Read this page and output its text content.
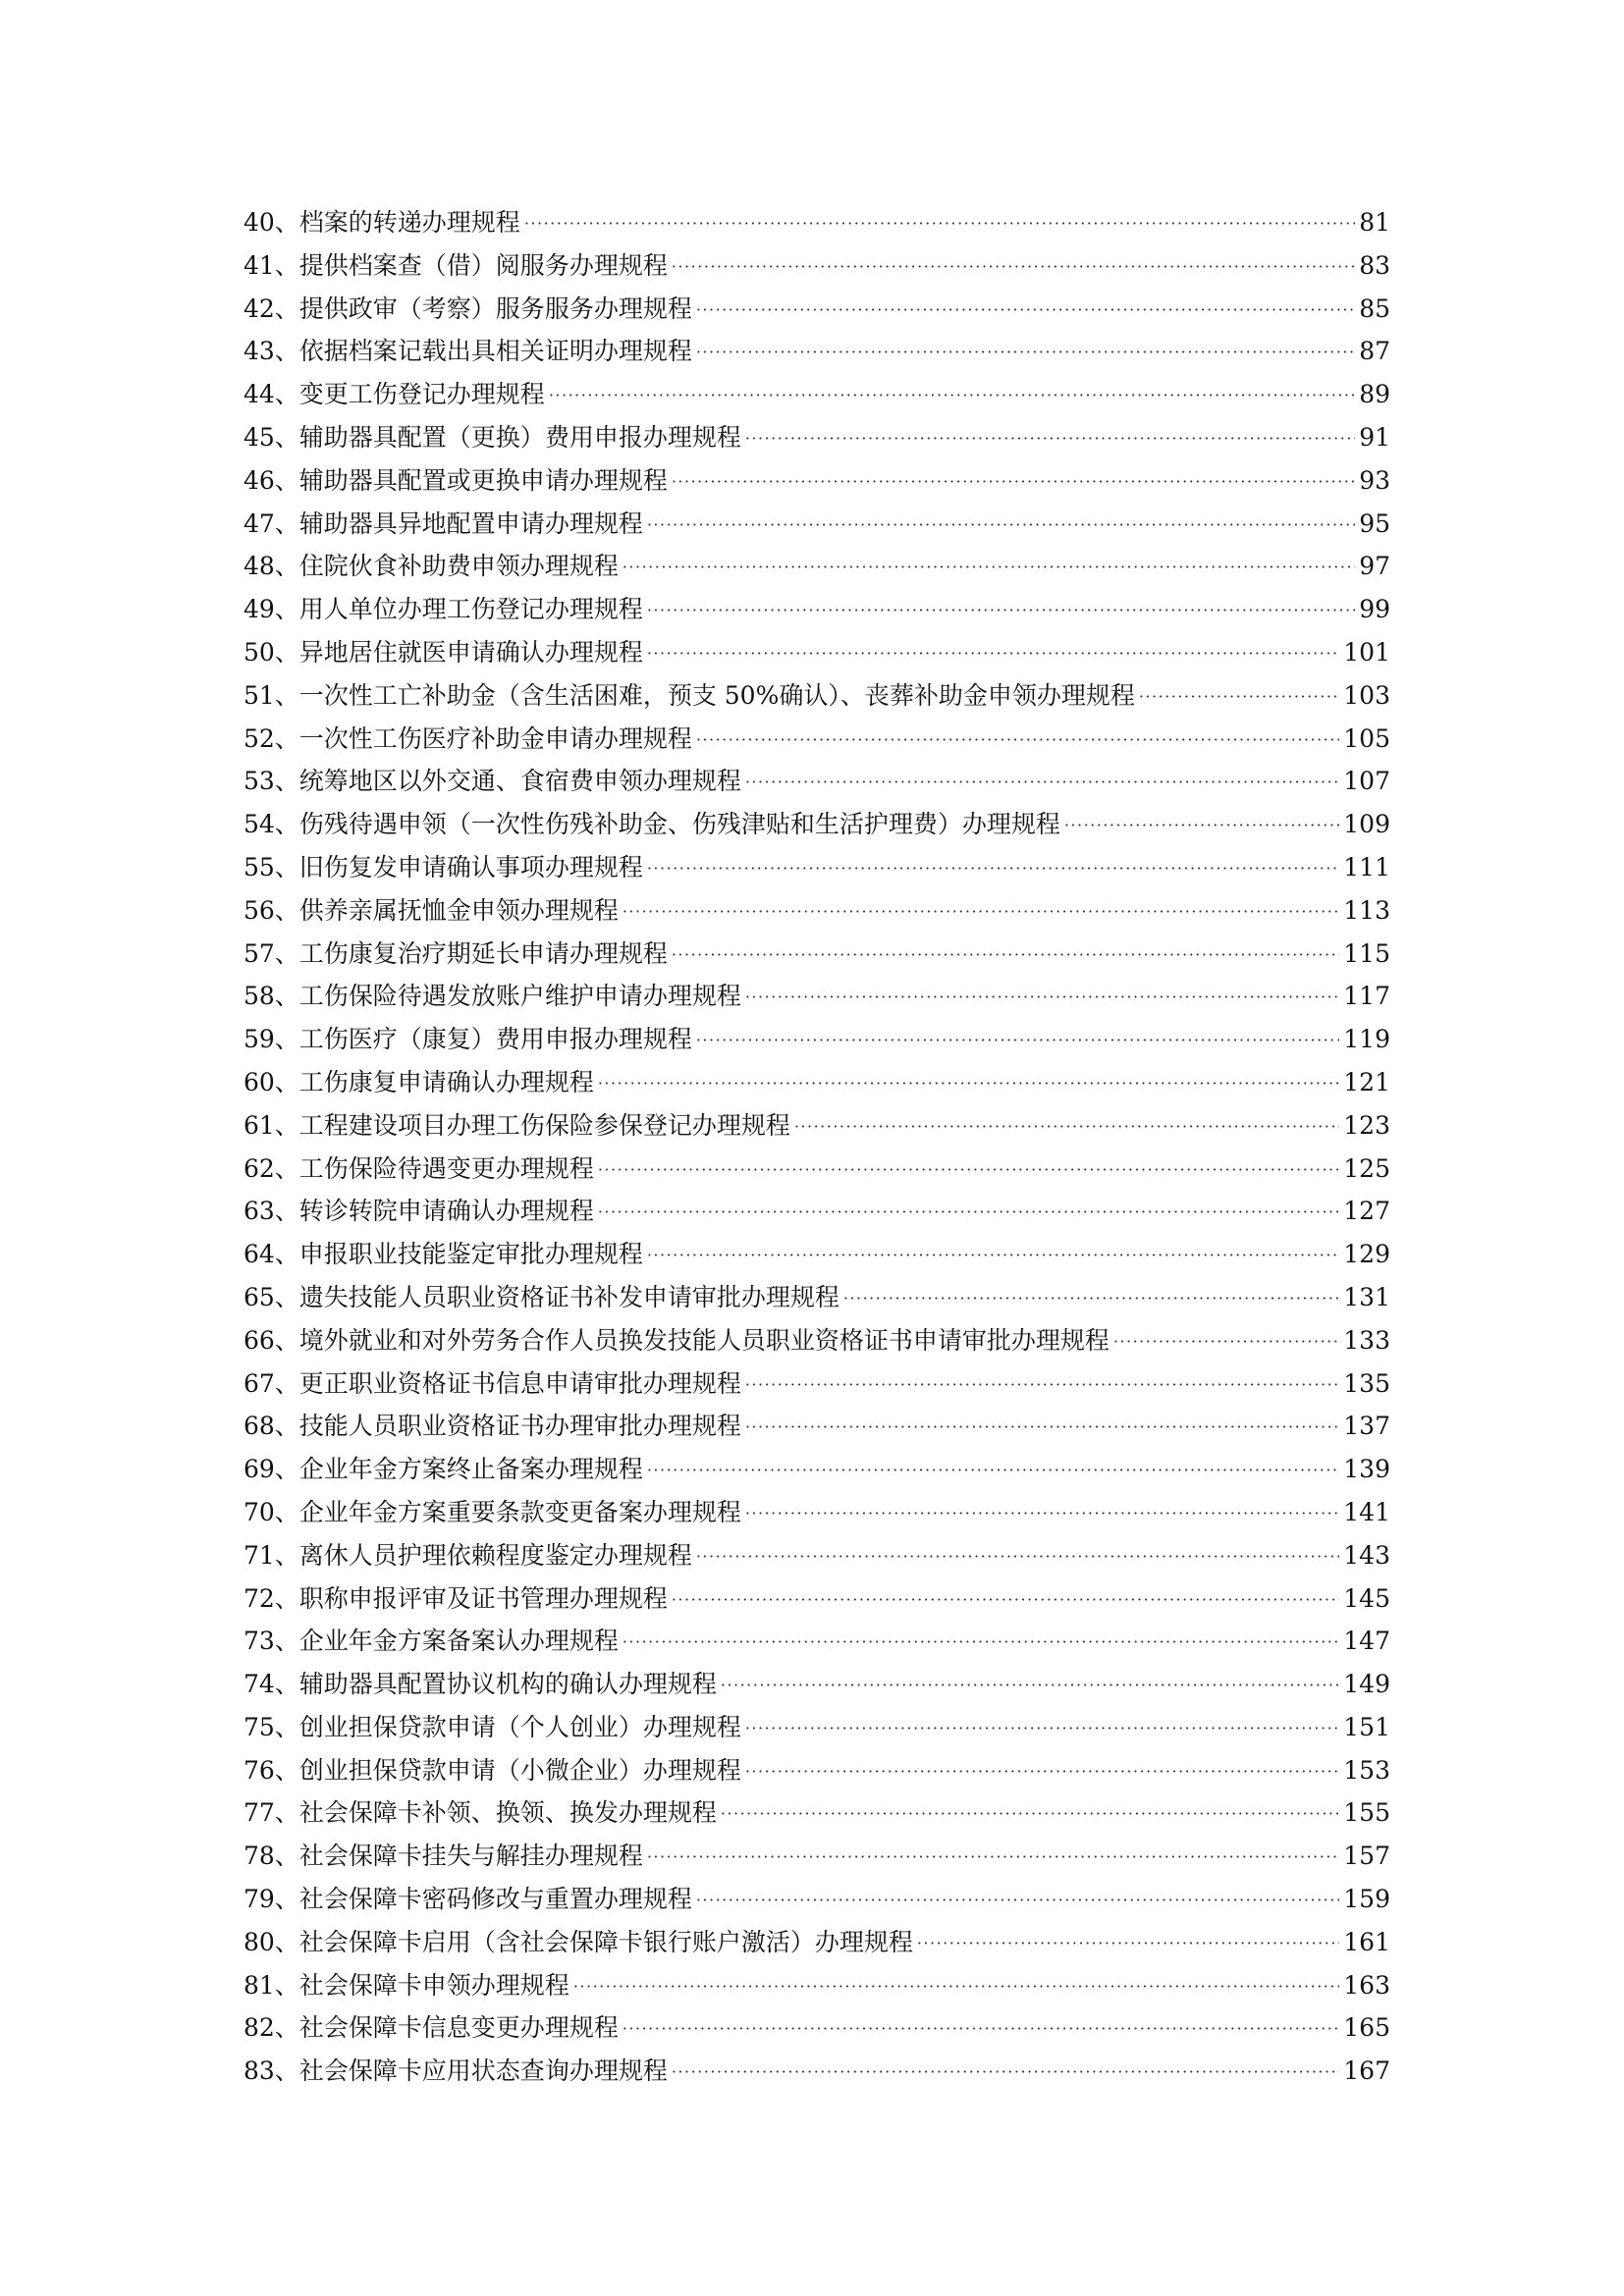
40、档案的转递办理规程 ·····	81
41、提供档案查（借）阅服务办理规程 ·····	83
42、提供政审（考察）服务服务办理规程 ·····	85
43、依据档案记载出具相关证明办理规程 ·····	87
44、变更工伤登记办理规程 ·····	89
45、辅助器具配置（更换）费用申报办理规程 ·····	91
46、辅助器具配置或更换申请办理规程 ·····	93
47、辅助器具异地配置申请办理规程 ·····	95
48、住院伙食补助费申领办理规程 ·····	97
49、用人单位办理工伤登记办理规程 ·····	99
50、异地居住就医申请确认办理规程 ·····	101
51、一次性工亡补助金（含生活困难，预支 50%确认）、丧葬补助金申领办理规程 ·····	103
52、一次性工伤医疗补助金申请办理规程 ·····	105
53、统筹地区以外交通、食宿费申领办理规程 ·····	107
54、伤残待遇申领（一次性伤残补助金、伤残津贴和生活护理费）办理规程 ·····	109
55、旧伤复发申请确认事项办理规程 ·····	111
56、供养亲属抚恤金申领办理规程 ·····	113
57、工伤康复治疗期延长申请办理规程 ·····	115
58、工伤保险待遇发放账户维护申请办理规程 ·····	117
59、工伤医疗（康复）费用申报办理规程 ·····	119
60、工伤康复申请确认办理规程 ·····	121
61、工程建设项目办理工伤保险参保登记办理规程 ·····	123
62、工伤保险待遇变更办理规程 ·····	125
63、转诊转院申请确认办理规程 ·····	127
64、申报职业技能鉴定审批办理规程 ·····	129
65、遗失技能人员职业资格证书补发申请审批办理规程 ·····	131
66、境外就业和对外劳务合作人员换发技能人员职业资格证书申请审批办理规程 ·····	133
67、更正职业资格证书信息申请审批办理规程 ·····	135
68、技能人员职业资格证书办理审批办理规程 ·····	137
69、企业年金方案终止备案办理规程 ·····	139
70、企业年金方案重要条款变更备案办理规程 ·····	141
71、离休人员护理依赖程度鉴定办理规程 ·····	143
72、职称申报评审及证书管理办理规程 ·····	145
73、企业年金方案备案认办理规程 ·····	147
74、辅助器具配置协议机构的确认办理规程 ·····	149
75、创业担保贷款申请（个人创业）办理规程 ·····	151
76、创业担保贷款申请（小微企业）办理规程 ·····	153
77、社会保障卡补领、换领、换发办理规程 ·····	155
78、社会保障卡挂失与解挂办理规程 ·····	157
79、社会保障卡密码修改与重置办理规程 ·····	159
80、社会保障卡启用（含社会保障卡银行账户激活）办理规程 ·····	161
81、社会保障卡申领办理规程 ·····	163
82、社会保障卡信息变更办理规程 ·····	165
83、社会保障卡应用状态查询办理规程 ·····	167
